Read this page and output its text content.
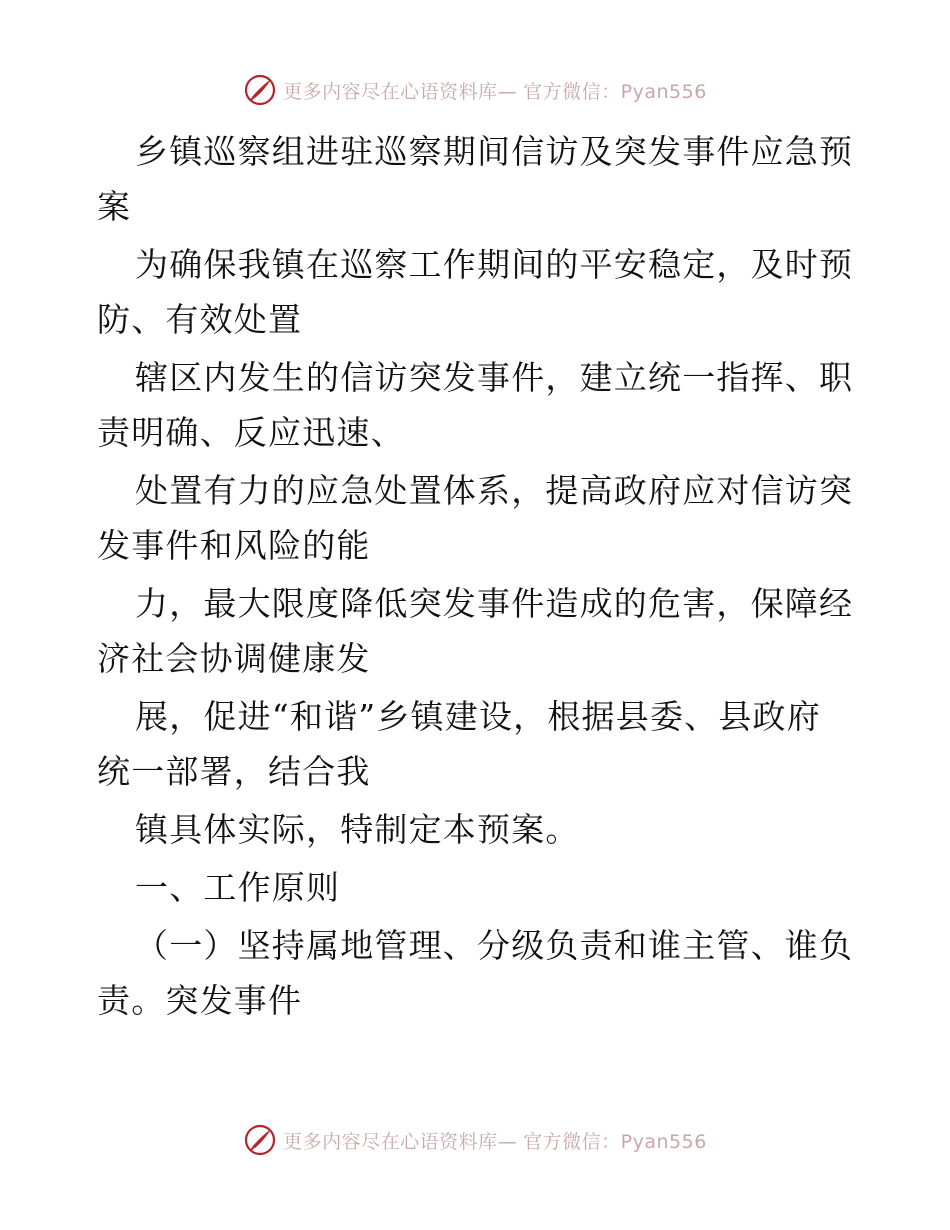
更多内容尽在心语资料库— 官方微信：Pyan556
乡镇巡察组进驻巡察期间信访及突发事件应急预
案
为确保我镇在巡察工作期间的平安稳定，及时预
防、有效处置
辖区内发生的信访突发事件，建立统一指挥、职
责明确、反应迅速、
处置有力的应急处置体系，提高政府应对信访突
发事件和风险的能
力，最大限度降低突发事件造成的危害，保障经
济社会协调健康发
展，促进“和谐”乡镇建设，根据县委、县政府
统一部署，结合我
镇具体实际，特制定本预案。
一、工作原则
（一）坚持属地管理、分级负责和谁主管、谁负
责。突发事件
更多内容尽在心语资料库— 官方微信：Pyan556
